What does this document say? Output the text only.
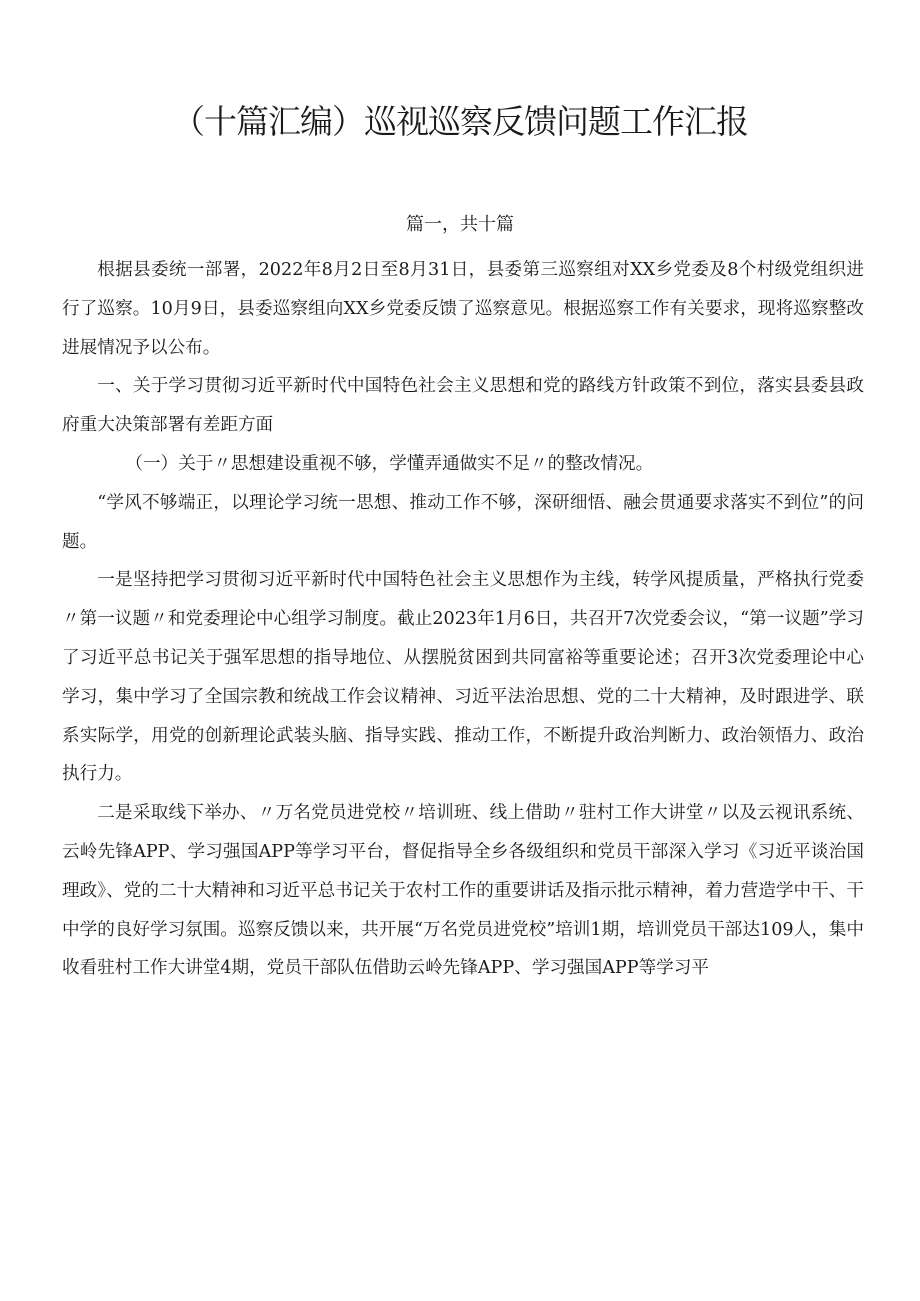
（十篇汇编）巡视巡察反馈问题工作汇报
篇一，共十篇

根据县委统一部署，2022年8月2日至8月31日，县委第三巡察组对XX乡党委及8个村级党组织进行了巡察。10月9日，县委巡察组向XX乡党委反馈了巡察意见。根据巡察工作有关要求，现将巡察整改进展情况予以公布。

一、关于学习贯彻习近平新时代中国特色社会主义思想和党的路线方针政策不到位，落实县委县政府重大决策部署有差距方面

（一）关于〃思想建设重视不够，学懂弄通做实不足〃的整改情况。

“学风不够端正，以理论学习统一思想、推动工作不够，深研细悟、融会贯通要求落实不到位”的问题。

一是坚持把学习贯彻习近平新时代中国特色社会主义思想作为主线，转学风提质量，严格执行党委〃第一议题〃和党委理论中心组学习制度。截止2023年1月6日，共召开7次党委会议，“第一议题”学习了习近平总书记关于强军思想的指导地位、从摆脱贫困到共同富裕等重要论述；召开3次党委理论中心学习，集中学习了全国宗教和统战工作会议精神、习近平法治思想、党的二十大精神，及时跟进学、联系实际学，用党的创新理论武装头脑、指导实践、推动工作，不断提升政治判断力、政治领悟力、政治执行力。

二是采取线下举办、〃万名党员进党校〃培训班、线上借助〃驻村工作大讲堂〃以及云视讯系统、云岭先锋APP、学习强国APP等学习平台，督促指导全乡各级组织和党员干部深入学习《习近平谈治国理政》、党的二十大精神和习近平总书记关于农村工作的重要讲话及指示批示精神，着力营造学中干、干中学的良好学习氛围。巡察反馈以来，共开展“万名党员进党校”培训1期，培训党员干部达109人，集中收看驻村工作大讲堂4期，党员干部队伍借助云岭先锋APP、学习强国APP等学习平
